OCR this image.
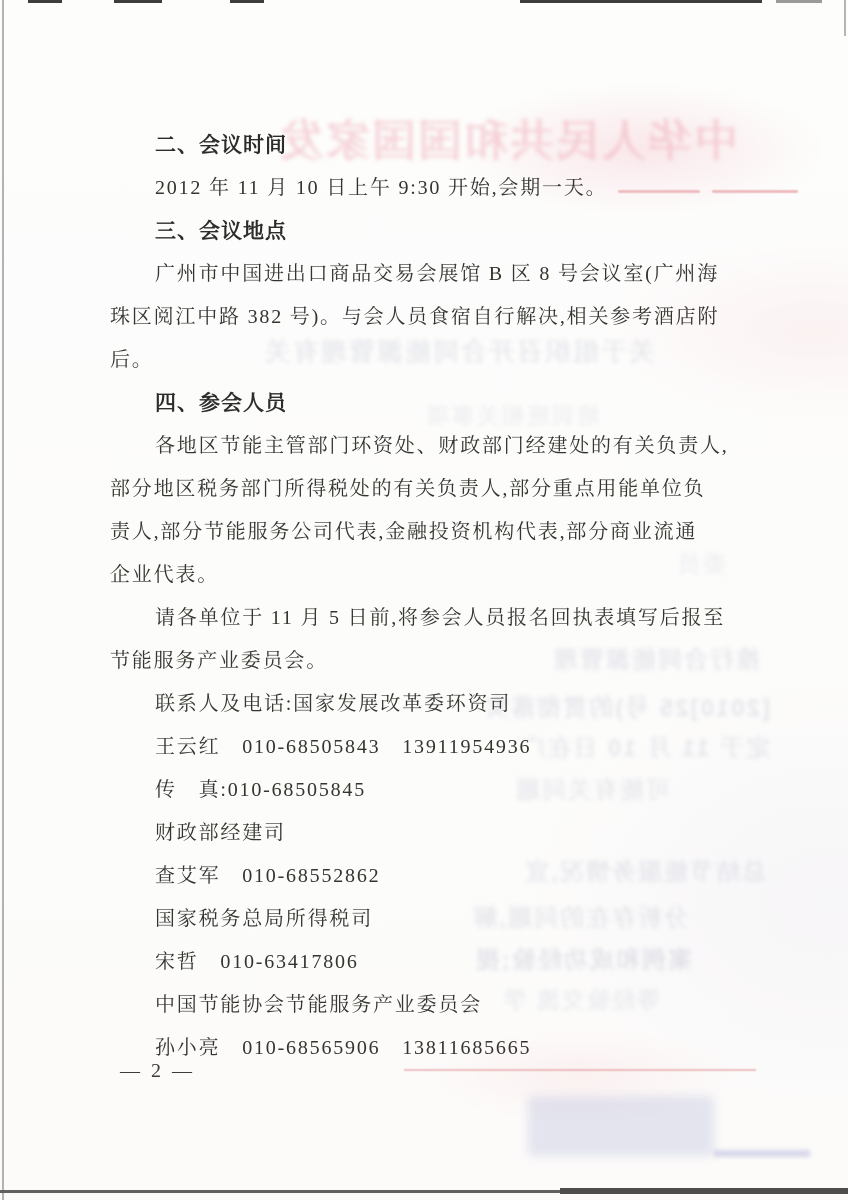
中华人民共和国国家发
关于组织召开合同能源管理有关
培训班相关事项
委员
推行合同能源管理
[2010]25 号)的贯彻落实
定于 11 月 10 日在广
可能有关问题
总结节能服务情况,宣
分析存在的问题,解
案例和成功经验;提
等经验交流 学
二、会议时间
2012 年 11 月 10 日上午 9:30 开始,会期一天。
三、会议地点
广州市中国进出口商品交易会展馆 B 区 8 号会议室(广州海
珠区阅江中路 382 号)。与会人员食宿自行解决,相关参考酒店附
后。
四、参会人员
各地区节能主管部门环资处、财政部门经建处的有关负责人,
部分地区税务部门所得税处的有关负责人,部分重点用能单位负
责人,部分节能服务公司代表,金融投资机构代表,部分商业流通
企业代表。
请各单位于 11 月 5 日前,将参会人员报名回执表填写后报至
节能服务产业委员会。
联系人及电话:国家发展改革委环资司
王云红　010-68505843　13911954936
传　真:010-68505845
财政部经建司
查艾军　010-68552862
国家税务总局所得税司
宋哲　010-63417806
中国节能协会节能服务产业委员会
孙小亮　010-68565906　13811685665
— 2 —
